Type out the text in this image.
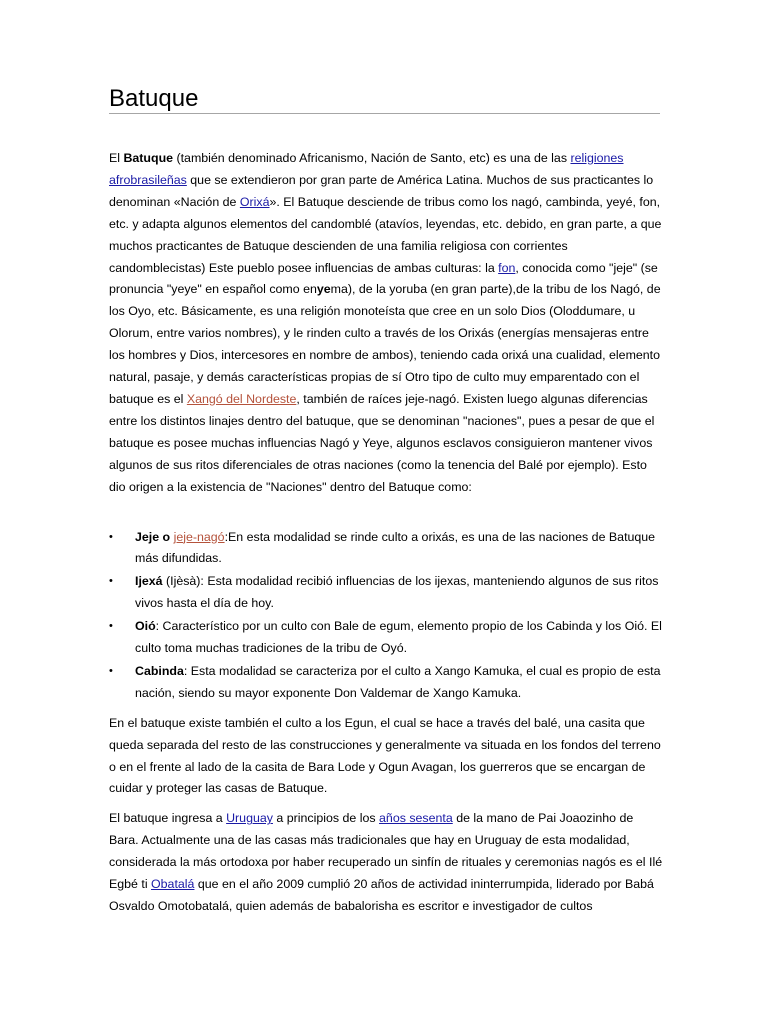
Batuque

El Batuque (también denominado Africanismo, Nación de Santo, etc) es una de las religiones afrobrasileñas que se extendieron por gran parte de América Latina. Muchos de sus practicantes lo denominan «Nación de Orixá». El Batuque desciende de tribus como los nagó, cambinda, yeyé, fon, etc. y adapta algunos elementos del candomblé (atavíos, leyendas, etc. debido, en gran parte, a que muchos practicantes de Batuque descienden de una familia religiosa con corrientes candomblecistas) Este pueblo posee influencias de ambas culturas: la fon, conocida como "jeje" (se pronuncia "yeye" en español como enyema), de la yoruba (en gran parte),de la tribu de los Nagó, de los Oyo, etc. Básicamente, es una religión monoteísta que cree en un solo Dios (Oloddumare, u Olorum, entre varios nombres), y le rinden culto a través de los Orixás (energías mensajeras entre los hombres y Dios, intercesores en nombre de ambos), teniendo cada orixá una cualidad, elemento natural, pasaje, y demás características propias de sí Otro tipo de culto muy emparentado con el batuque es el Xangó del Nordeste, también de raíces jeje-nagó. Existen luego algunas diferencias entre los distintos linajes dentro del batuque, que se denominan "naciones", pues a pesar de que el batuque es posee muchas influencias Nagó y Yeye, algunos esclavos consiguieron mantener vivos algunos de sus ritos diferenciales de otras naciones (como la tenencia del Balé por ejemplo). Esto dio origen a la existencia de "Naciones" dentro del Batuque como:

• Jeje o jeje-nagó:En esta modalidad se rinde culto a orixás, es una de las naciones de Batuque más difundidas.
• Ijexá (Ijèsà): Esta modalidad recibió influencias de los ijexas, manteniendo algunos de sus ritos vivos hasta el día de hoy.
• Oió: Característico por un culto con Bale de egum, elemento propio de los Cabinda y los Oió. El culto toma muchas tradiciones de la tribu de Oyó.
• Cabinda: Esta modalidad se caracteriza por el culto a Xango Kamuka, el cual es propio de esta nación, siendo su mayor exponente Don Valdemar de Xango Kamuka.

En el batuque existe también el culto a los Egun, el cual se hace a través del balé, una casita que queda separada del resto de las construcciones y generalmente va situada en los fondos del terreno o en el frente al lado de la casita de Bara Lode y Ogun Avagan, los guerreros que se encargan de cuidar y proteger las casas de Batuque.

El batuque ingresa a Uruguay a principios de los años sesenta de la mano de Pai Joaozinho de Bara. Actualmente una de las casas más tradicionales que hay en Uruguay de esta modalidad, considerada la más ortodoxa por haber recuperado un sinfín de rituales y ceremonias nagós es el Ilé Egbé ti Obatalá que en el año 2009 cumplió 20 años de actividad ininterrumpida, liderado por Babá Osvaldo Omotobatalá, quien además de babalorisha es escritor e investigador de cultos
